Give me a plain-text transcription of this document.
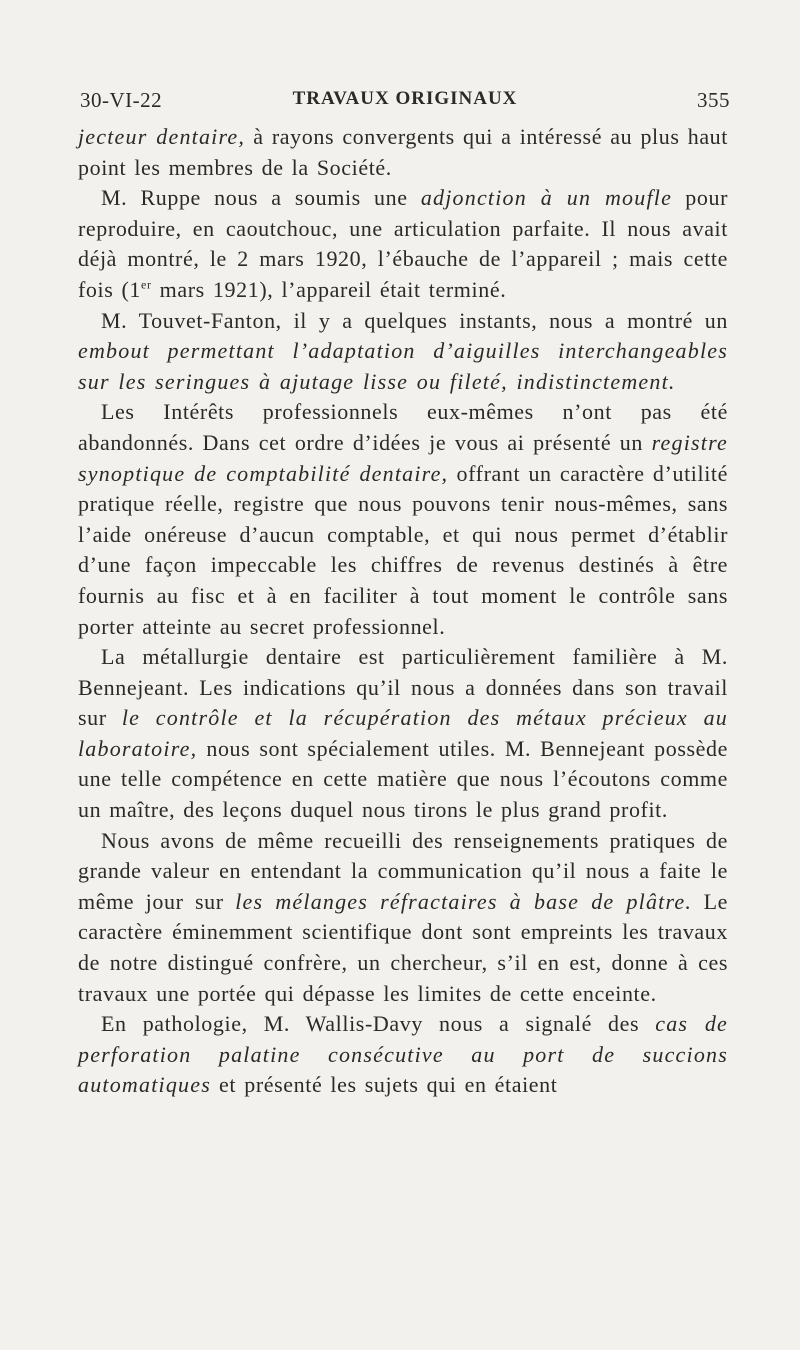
30-VI-22	TRAVAUX ORIGINAUX	355

jecteur dentaire, à rayons convergents qui a intéressé au plus haut point les membres de la Société.

M. Ruppe nous a soumis une adjonction à un moufle pour reproduire, en caoutchouc, une articulation parfaite. Il nous avait déjà montré, le 2 mars 1920, l’ébauche de l’appareil ; mais cette fois (1er mars 1921), l’appareil était terminé.

M. Touvet-Fanton, il y a quelques instants, nous a montré un embout permettant l’adaptation d’aiguilles interchangeables sur les seringues à ajutage lisse ou fileté, indistinctement.

Les Intérêts professionnels eux-mêmes n’ont pas été abandonnés. Dans cet ordre d’idées je vous ai présenté un registre synoptique de comptabilité dentaire, offrant un caractère d’utilité pratique réelle, registre que nous pouvons tenir nous-mêmes, sans l’aide onéreuse d’aucun comptable, et qui nous permet d’établir d’une façon impeccable les chiffres de revenus destinés à être fournis au fisc et à en faciliter à tout moment le contrôle sans porter atteinte au secret professionnel.

La métallurgie dentaire est particulièrement familière à M. Bennejeant. Les indications qu’il nous a données dans son travail sur le contrôle et la récupération des métaux précieux au laboratoire, nous sont spécialement utiles. M. Bennejeant possède une telle compétence en cette matière que nous l’écoutons comme un maître, des leçons duquel nous tirons le plus grand profit.

Nous avons de même recueilli des renseignements pratiques de grande valeur en entendant la communication qu’il nous a faite le même jour sur les mélanges réfractaires à base de plâtre. Le caractère éminemment scientifique dont sont empreints les travaux de notre distingué confrère, un chercheur, s’il en est, donne à ces travaux une portée qui dépasse les limites de cette enceinte.

En pathologie, M. Wallis-Davy nous a signalé des cas de perforation palatine consécutive au port de succions automatiques et présenté les sujets qui en étaient
